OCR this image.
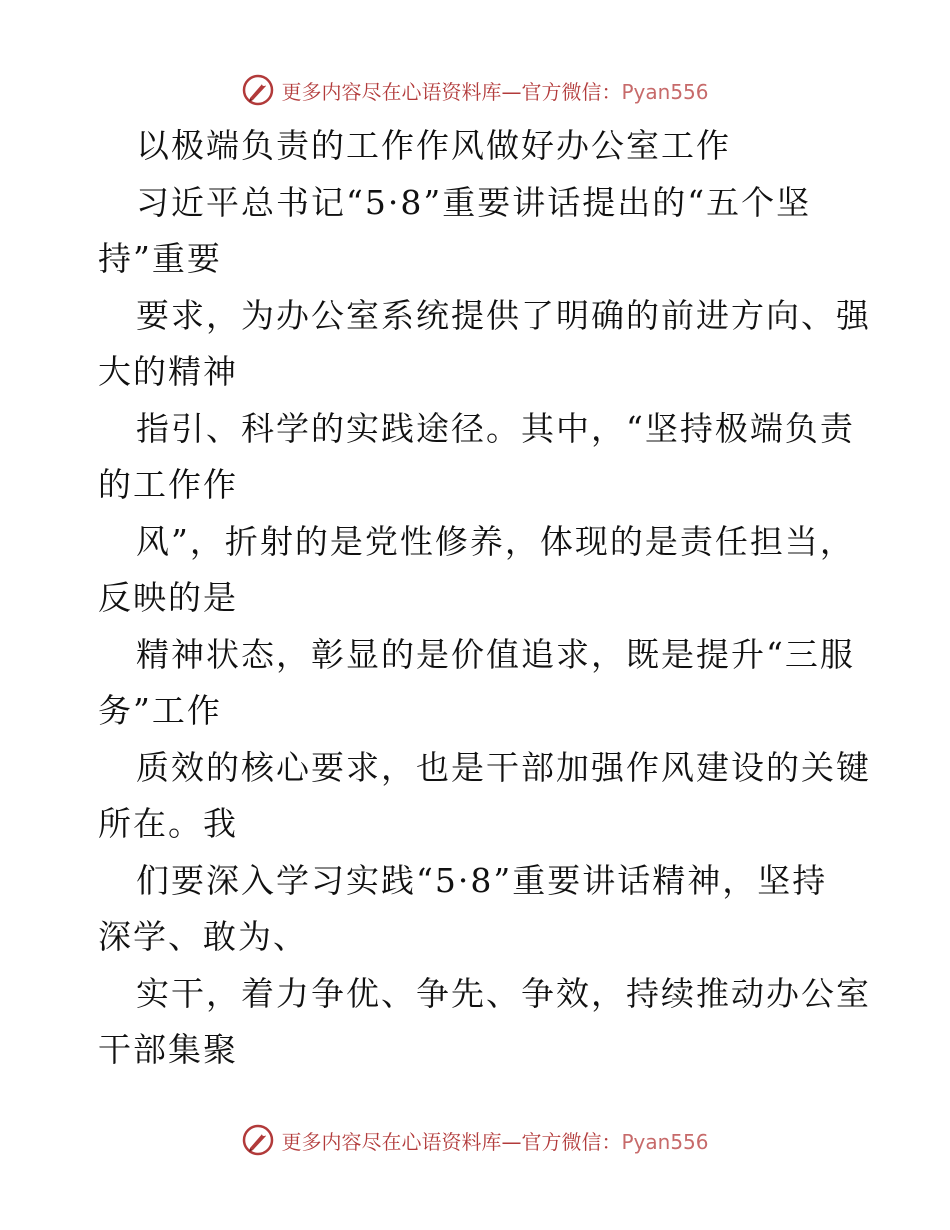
更多内容尽在心语资料库—官方微信：Pyan556
以极端负责的工作作风做好办公室工作
习近平总书记“5·8”重要讲话提出的“五个坚
持”重要
要求，为办公室系统提供了明确的前进方向、强
大的精神
指引、科学的实践途径。其中，“坚持极端负责
的工作作
风”，折射的是党性修养，体现的是责任担当，
反映的是
精神状态，彰显的是价值追求，既是提升“三服
务”工作
质效的核心要求，也是干部加强作风建设的关键
所在。我
们要深入学习实践“5·8”重要讲话精神，坚持
深学、敢为、
实干，着力争优、争先、争效，持续推动办公室
干部集聚
更多内容尽在心语资料库—官方微信：Pyan556
